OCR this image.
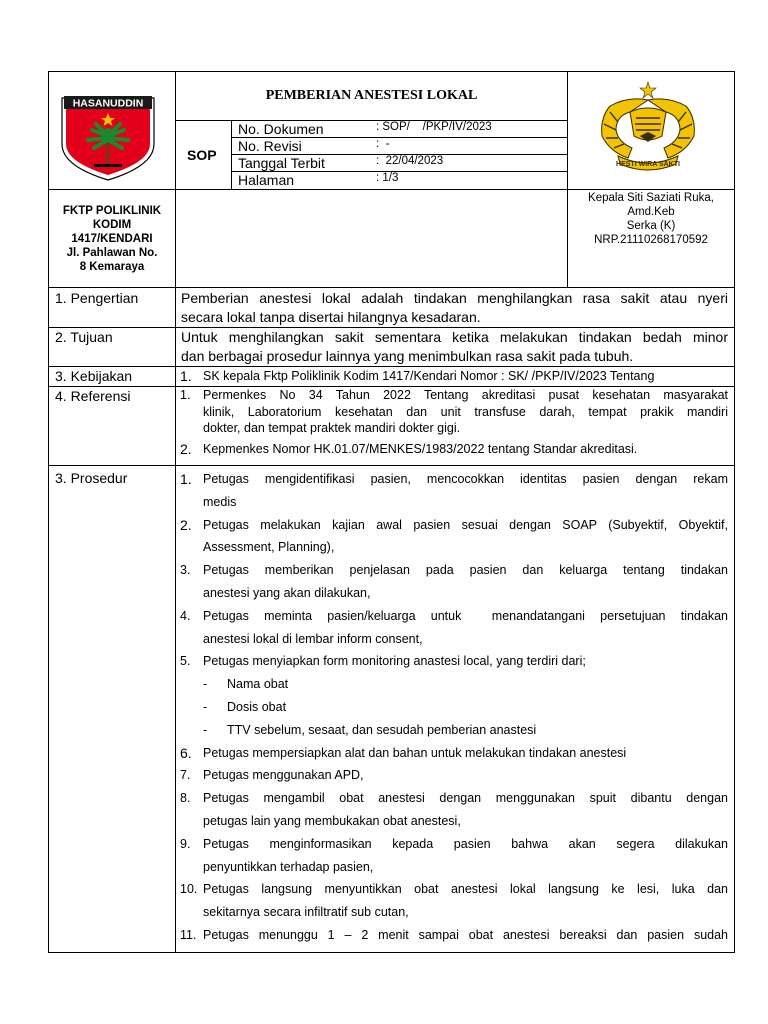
HASANUDDIN
PEMBERIAN ANESTESI LOKAL
SOP
No. Dokumen	: SOP/    /PKP/IV/2023
No. Revisi	:  -
Tanggal Terbit	:  22/04/2023
Halaman	: 1/3
HESTI WIRA SAKTI
FKTP POLIKLINIK
KODIM
1417/KENDARI
Jl. Pahlawan No.
8 Kemaraya
Kepala Siti Saziati Ruka,
Amd.Keb
Serka (K)
NRP.21110268170592
1. Pengertian	Pemberian anestesi lokal adalah tindakan menghilangkan rasa sakit atau nyeri
secara lokal tanpa disertai hilangnya kesadaran.
2. Tujuan	Untuk menghilangkan sakit sementara ketika melakukan tindakan bedah minor
dan berbagai prosedur lainnya yang menimbulkan rasa sakit pada tubuh.
3. Kebijakan	1. SK kepala Fktp Poliklinik Kodim 1417/Kendari Nomor : SK/ /PKP/IV/2023 Tentang
4. Referensi	1. Permenkes No 34 Tahun 2022 Tentang akreditasi pusat kesehatan masyarakat
klinik, Laboratorium kesehatan dan unit transfuse darah, tempat prakik mandiri
dokter, dan tempat praktek mandiri dokter gigi.
2. Kepmenkes Nomor HK.01.07/MENKES/1983/2022 tentang Standar akreditasi.
3. Prosedur	1. Petugas mengidentifikasi pasien, mencocokkan identitas pasien dengan rekam
medis
2. Petugas melakukan kajian awal pasien sesuai dengan SOAP (Subyektif, Obyektif,
Assessment, Planning),
3. Petugas memberikan penjelasan pada pasien dan keluarga tentang tindakan
anestesi yang akan dilakukan,
4. Petugas meminta pasien/keluarga untuk  menandatangani persetujuan tindakan
anestesi lokal di lembar inform consent,
5. Petugas menyiapkan form monitoring anastesi local, yang terdiri dari;
- Nama obat
- Dosis obat
- TTV sebelum, sesaat, dan sesudah pemberian anastesi
6. Petugas mempersiapkan alat dan bahan untuk melakukan tindakan anestesi
7. Petugas menggunakan APD,
8. Petugas mengambil obat anestesi dengan menggunakan spuit dibantu dengan
petugas lain yang membukakan obat anestesi,
9. Petugas menginformasikan kepada pasien bahwa akan segera dilakukan
penyuntikkan terhadap pasien,
10. Petugas langsung menyuntikkan obat anestesi lokal langsung ke lesi, luka dan
sekitarnya secara infiltratif sub cutan,
11. Petugas menunggu 1 – 2 menit sampai obat anestesi bereaksi dan pasien sudah
